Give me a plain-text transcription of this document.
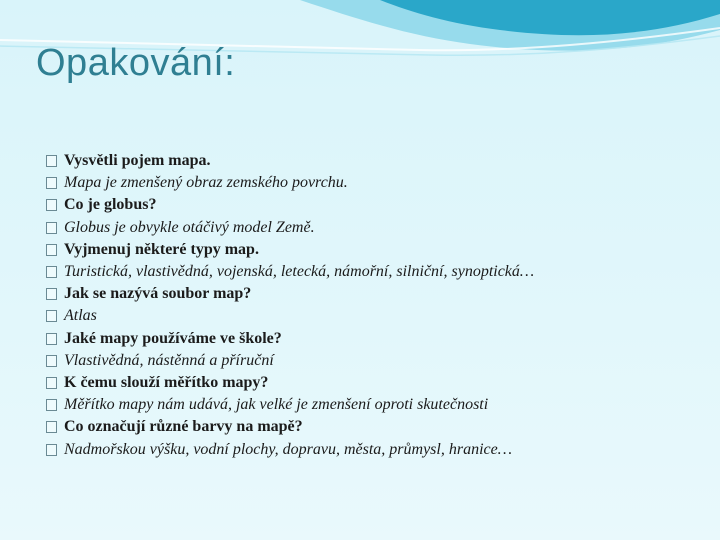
Opakování:
Vysvětli pojem mapa.
Mapa je zmenšený obraz zemského povrchu.
Co je globus?
Globus je obvykle otáčivý model Země.
Vyjmenuj některé typy map.
Turistická, vlastivědná, vojenská, letecká, námořní, silniční, synoptická…
Jak se nazývá soubor map?
Atlas
Jaké mapy používáme ve škole?
Vlastivědná, nástěnná a příruční
K čemu slouží měřítko mapy?
Měřítko mapy nám udává, jak velké je zmenšení oproti skutečnosti
Co označují různé barvy na mapě?
Nadmořskou výšku, vodní plochy, dopravu, města, průmysl, hranice…
